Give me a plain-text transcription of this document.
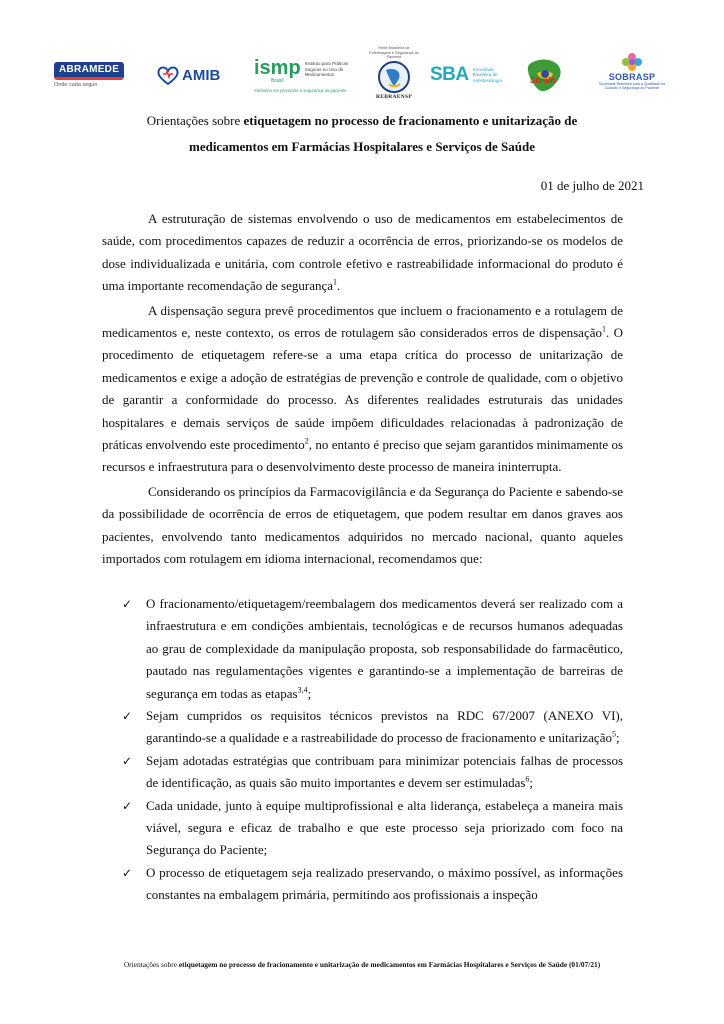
ABRAMEDE
Onde cada segun
AMIB ismp
Brasil
Instituto para Práticas Seguras no Uso de Medicamentos
Sinônimo em promover a segurança do paciente
Rede Brasileira de Enfermagem e Segurança do Paciente
REBRAENSP
SBA Sociedade Brasileira de Anestesiologia	Sbrafh	SOBRASP
Sociedade Brasileira para a Qualidade do Cuidado e Segurança do Paciente
Orientações sobre etiquetagem no processo de fracionamento e unitarização de
medicamentos em Farmácias Hospitalares e Serviços de Saúde
01 de julho de 2021

A estruturação de sistemas envolvendo o uso de medicamentos em estabelecimentos de saúde, com procedimentos capazes de reduzir a ocorrência de erros, priorizando-se os modelos de dose individualizada e unitária, com controle efetivo e rastreabilidade informacional do produto é uma importante recomendação de segurança$^1$.

A dispensação segura prevê procedimentos que incluem o fracionamento e a rotulagem de medicamentos e, neste contexto, os erros de rotulagem são considerados erros de dispensação$^1$. O procedimento de etiquetagem refere-se a uma etapa crítica do processo de unitarização de medicamentos e exige a adoção de estratégias de prevenção e controle de qualidade, com o objetivo de garantir a conformidade do processo. As diferentes realidades estruturais das unidades hospitalares e demais serviços de saúde impõem dificuldades relacionadas à padronização de práticas envolvendo este procedimento$^2$, no entanto é preciso que sejam garantidos minimamente os recursos e infraestrutura para o desenvolvimento deste processo de maneira ininterrupta.

Considerando os princípios da Farmacovigilância e da Segurança do Paciente e sabendo-se da possibilidade de ocorrência de erros de etiquetagem, que podem resultar em danos graves aos pacientes, envolvendo tanto medicamentos adquiridos no mercado nacional, quanto aqueles importados com rotulagem em idioma internacional, recomendamos que:

✓ O fracionamento/etiquetagem/reembalagem dos medicamentos deverá ser realizado com a infraestrutura e em condições ambientais, tecnológicas e de recursos humanos adequadas ao grau de complexidade da manipulação proposta, sob responsabilidade do farmacêutico, pautado nas regulamentações vigentes e garantindo-se a implementação de barreiras de segurança em todas as etapas$^{3,4}$;
✓ Sejam cumpridos os requisitos técnicos previstos na RDC 67/2007 (ANEXO VI), garantindo-se a qualidade e a rastreabilidade do processo de fracionamento e unitarização$^5$;
✓ Sejam adotadas estratégias que contribuam para minimizar potenciais falhas de processos de identificação, as quais são muito importantes e devem ser estimuladas$^6$;
✓ Cada unidade, junto à equipe multiprofissional e alta liderança, estabeleça a maneira mais viável, segura e eficaz de trabalho e que este processo seja priorizado com foco na Segurança do Paciente;
✓ O processo de etiquetagem seja realizado preservando, o máximo possível, as informações constantes na embalagem primária, permitindo aos profissionais a inspeção
Orientações sobre etiquetagem no processo de fracionamento e unitarização de medicamentos em Farmácias Hospitalares e Serviços de Saúde (01/07/21)
